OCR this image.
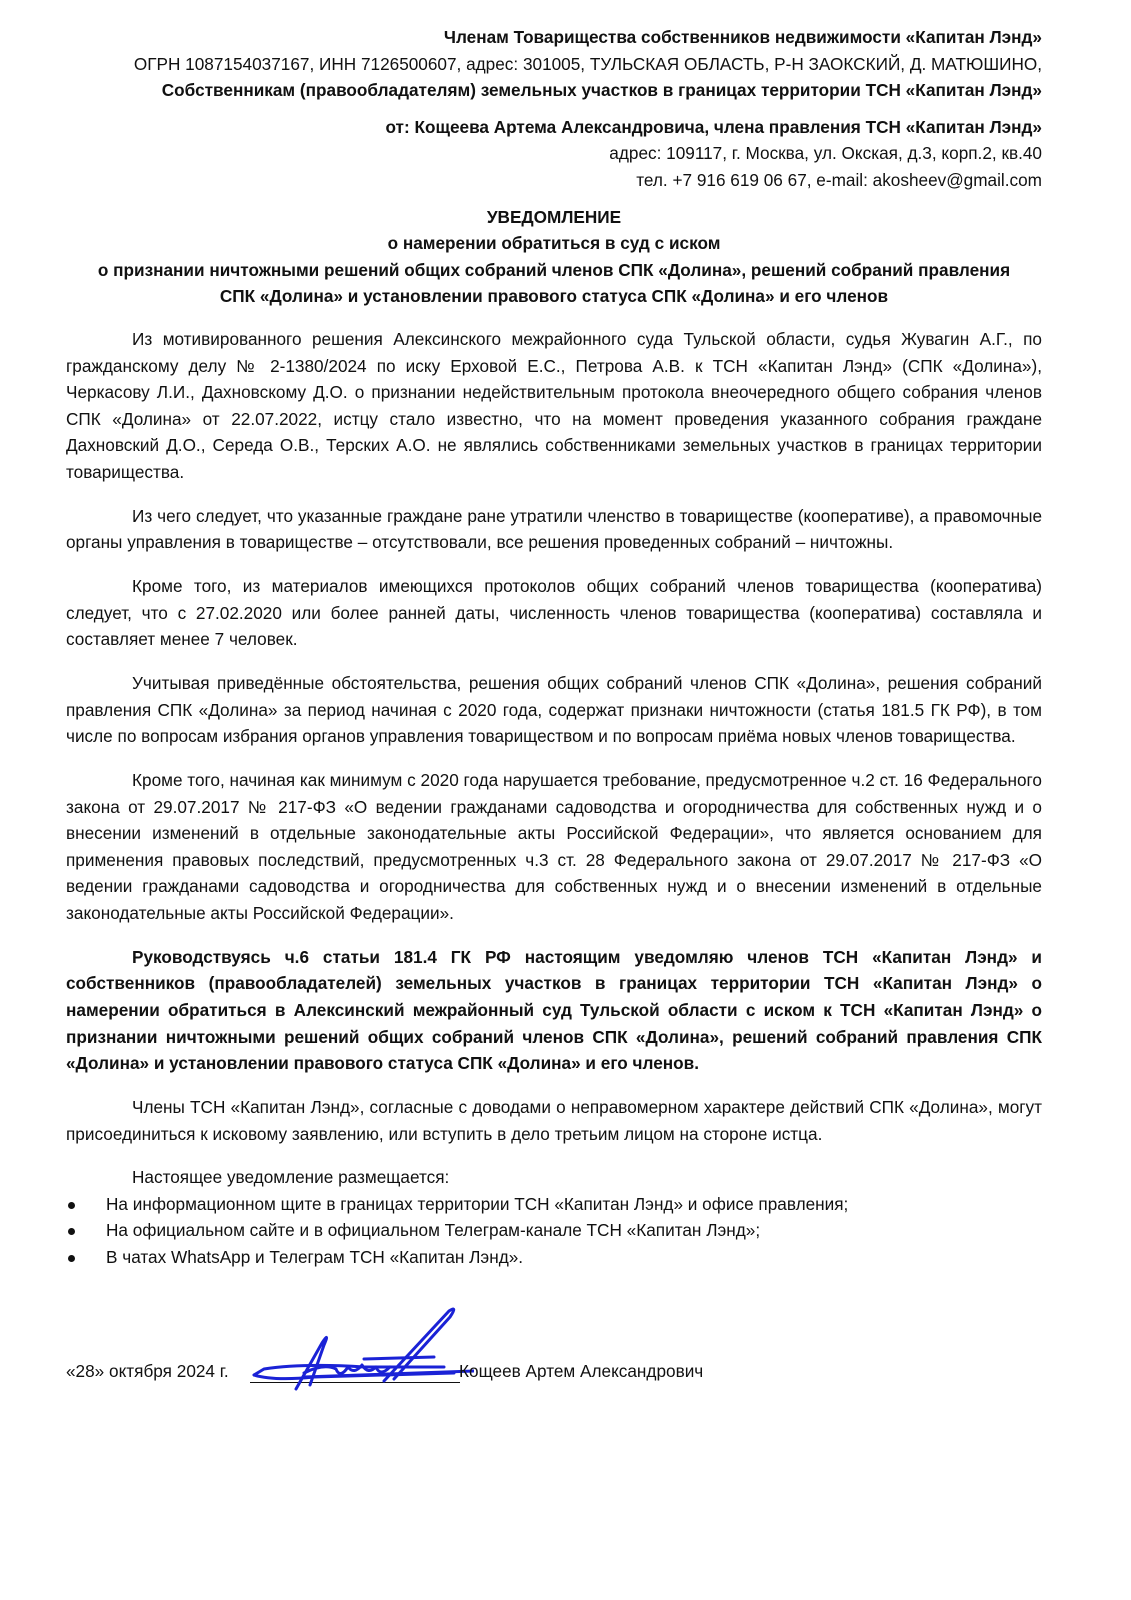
Членам Товарищества собственников недвижимости «Капитан Лэнд»
ОГРН 1087154037167, ИНН 7126500607, адрес: 301005, ТУЛЬСКАЯ ОБЛАСТЬ, Р-Н ЗАОКСКИЙ, Д. МАТЮШИНО,
Собственникам (правообладателям) земельных участков в границах территории ТСН «Капитан Лэнд»
от: Кощеева Артема Александровича, члена правления ТСН «Капитан Лэнд»
адрес: 109117, г. Москва, ул. Окская, д.3, корп.2, кв.40
тел. +7 916 619 06 67, e-mail: akosheev@gmail.com
УВЕДОМЛЕНИЕ
о намерении обратиться в суд с иском
о признании ничтожными решений общих собраний членов СПК «Долина», решений собраний правления
СПК «Долина» и установлении правового статуса СПК «Долина» и его членов

Из мотивированного решения Алексинского межрайонного суда Тульской области, судья Жувагин А.Г., по гражданскому делу № 2-1380/2024 по иску Ерховой Е.С., Петрова А.В. к ТСН «Капитан Лэнд» (СПК «Долина»), Черкасову Л.И., Дахновскому Д.О. о признании недействительным протокола внеочередного общего собрания членов СПК «Долина» от 22.07.2022, истцу стало известно, что на момент проведения указанного собрания граждане Дахновский Д.О., Середа О.В., Терских А.О. не являлись собственниками земельных участков в границах территории товарищества.

Из чего следует, что указанные граждане ране утратили членство в товариществе (кооперативе), а правомочные органы управления в товариществе – отсутствовали, все решения проведенных собраний – ничтожны.

Кроме того, из материалов имеющихся протоколов общих собраний членов товарищества (кооператива) следует, что с 27.02.2020 или более ранней даты, численность членов товарищества (кооператива) составляла и составляет менее 7 человек.

Учитывая приведённые обстоятельства, решения общих собраний членов СПК «Долина», решения собраний правления СПК «Долина» за период начиная с 2020 года, содержат признаки ничтожности (статья 181.5 ГК РФ), в том числе по вопросам избрания органов управления товариществом и по вопросам приёма новых членов товарищества.

Кроме того, начиная как минимум с 2020 года нарушается требование, предусмотренное ч.2 ст. 16 Федерального закона от 29.07.2017 № 217-ФЗ «О ведении гражданами садоводства и огородничества для собственных нужд и о внесении изменений в отдельные законодательные акты Российской Федерации», что является основанием для применения правовых последствий, предусмотренных ч.3 ст. 28 Федерального закона от 29.07.2017 № 217-ФЗ «О ведении гражданами садоводства и огородничества для собственных нужд и о внесении изменений в отдельные законодательные акты Российской Федерации».

Руководствуясь ч.6 статьи 181.4 ГК РФ настоящим уведомляю членов ТСН «Капитан Лэнд» и собственников (правообладателей) земельных участков в границах территории ТСН «Капитан Лэнд» о намерении обратиться в Алексинский межрайонный суд Тульской области с иском к ТСН «Капитан Лэнд» о признании ничтожными решений общих собраний членов СПК «Долина», решений собраний правления СПК «Долина» и установлении правового статуса СПК «Долина» и его членов.

Члены ТСН «Капитан Лэнд», согласные с доводами о неправомерном характере действий СПК «Долина», могут присоединиться к исковому заявлению, или вступить в дело третьим лицом на стороне истца.

Настоящее уведомление размещается:

На информационном щите в границах территории ТСН «Капитан Лэнд» и офисе правления;
На официальном сайте и в официальном Телеграм-канале ТСН «Капитан Лэнд»;
В чатах WhatsApp и Телеграм ТСН «Капитан Лэнд».
«28» октября 2024 г.	Кощеев Артем Александрович
